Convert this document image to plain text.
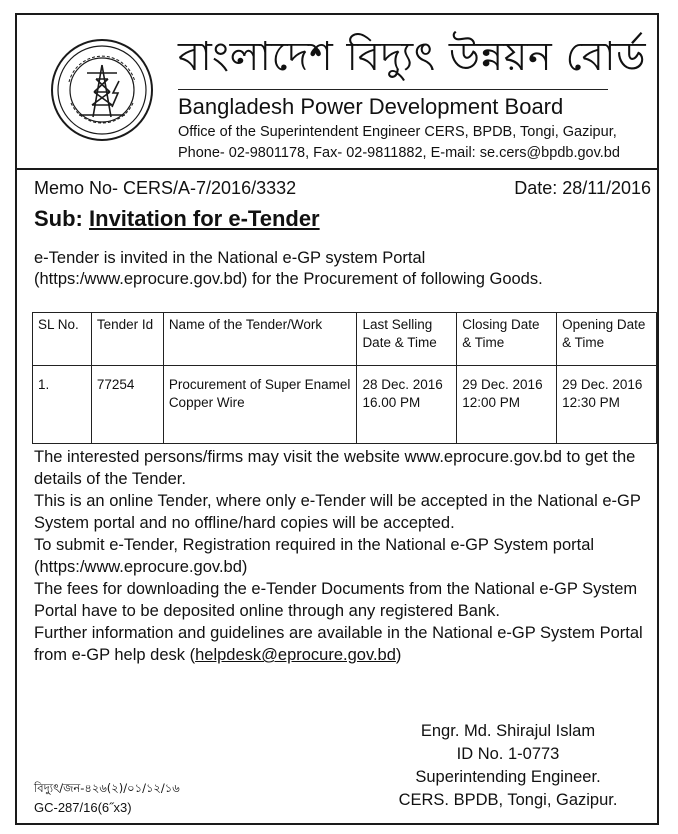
বাংলাদেশ বিদ্যুৎ উন্নয়ন বোর্ড
Bangladesh Power Development Board
Office of the Superintendent Engineer CERS, BPDB, Tongi, Gazipur,
Phone- 02-9801178, Fax- 02-9811882, E-mail: se.cers@bpdb.gov.bd
Memo No- CERS/A-7/2016/3332	Date: 28/11/2016
Sub: Invitation for e-Tender
e-Tender is invited in the National e-GP system Portal (https:/www.eprocure.gov.bd) for the Procurement of following Goods.
SL No.	Tender Id	Name of the Tender/Work	Last Selling Date & Time	Closing Date & Time	Opening Date & Time
1.	77254	Procurement of Super Enamel Copper Wire	28 Dec. 2016 16.00 PM	29 Dec. 2016 12:00 PM	29 Dec. 2016 12:30 PM

The interested persons/firms may visit the website www.eprocure.gov.bd to get the details of the Tender.

This is an online Tender, where only e-Tender will be accepted in the National e-GP System portal and no offline/hard copies will be accepted.

To submit e-Tender, Registration required in the National e-GP System portal (https:/www.eprocure.gov.bd)

The fees for downloading the e-Tender Documents from the National e-GP System Portal have to be deposited online through any registered Bank.

Further information and guidelines are available in the National e-GP System Portal from e-GP help desk (helpdesk@eprocure.gov.bd)

Engr. Md. Shirajul Islam
ID No. 1-0773
Superintending Engineer.
CERS. BPDB, Tongi, Gazipur.
বিদ্যুৎ/জন-৪২৬(২)/০১/১২/১৬
GC-287/16(6˝x3)
